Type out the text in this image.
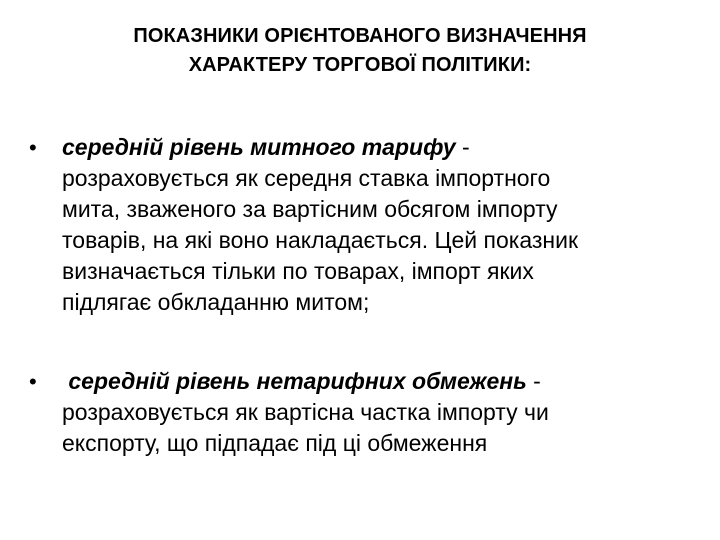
ПОКАЗНИКИ ОРІЄНТОВАНОГО ВИЗНАЧЕННЯ
ХАРАКТЕРУ ТОРГОВОЇ ПОЛІТИКИ:
• середній рівень митного тарифу -
розраховується як середня ставка імпортного
мита, зваженого за вартісним обсягом імпорту
товарів, на які воно накладається. Цей показник
визначається тільки по товарах, імпорт яких
підлягає обкладанню митом;
• середній рівень нетарифних обмежень -
розраховується як вартісна частка імпорту чи
експорту, що підпадає під ці обмеження
